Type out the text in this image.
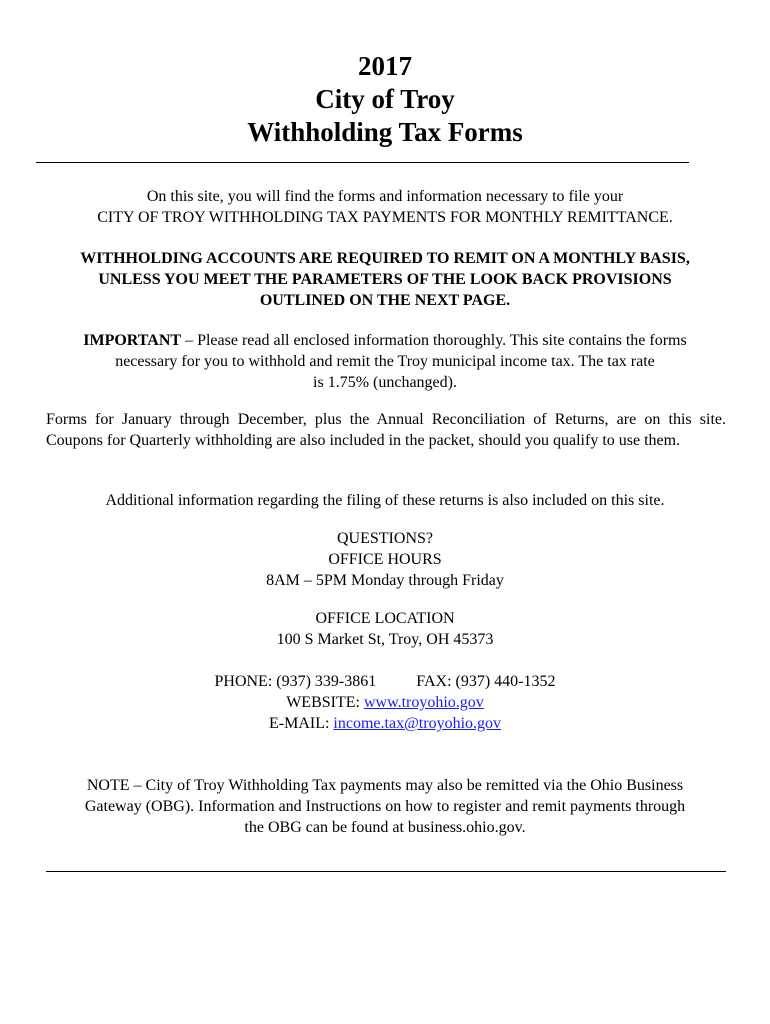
2017
City of Troy
Withholding Tax Forms
On this site, you will find the forms and information necessary to file your
CITY OF TROY WITHHOLDING TAX PAYMENTS FOR MONTHLY REMITTANCE.
WITHHOLDING ACCOUNTS ARE REQUIRED TO REMIT ON A MONTHLY BASIS,
UNLESS YOU MEET THE PARAMETERS OF THE LOOK BACK PROVISIONS
OUTLINED ON THE NEXT PAGE.
IMPORTANT – Please read all enclosed information thoroughly. This site contains the forms
necessary for you to withhold and remit the Troy municipal income tax. The tax rate
is 1.75% (unchanged).
Forms for January through December, plus the Annual Reconciliation of Returns, are on this site. Coupons for Quarterly withholding are also included in the packet, should you qualify to use them.
Additional information regarding the filing of these returns is also included on this site.
QUESTIONS?
OFFICE HOURS
8AM – 5PM Monday through Friday
OFFICE LOCATION
100 S Market St, Troy, OH 45373
PHONE: (937) 339-3861	FAX: (937) 440-1352
WEBSITE: www.troyohio.gov
E-MAIL: income.tax@troyohio.gov
NOTE – City of Troy Withholding Tax payments may also be remitted via the Ohio Business
Gateway (OBG). Information and Instructions on how to register and remit payments through
the OBG can be found at business.ohio.gov.
